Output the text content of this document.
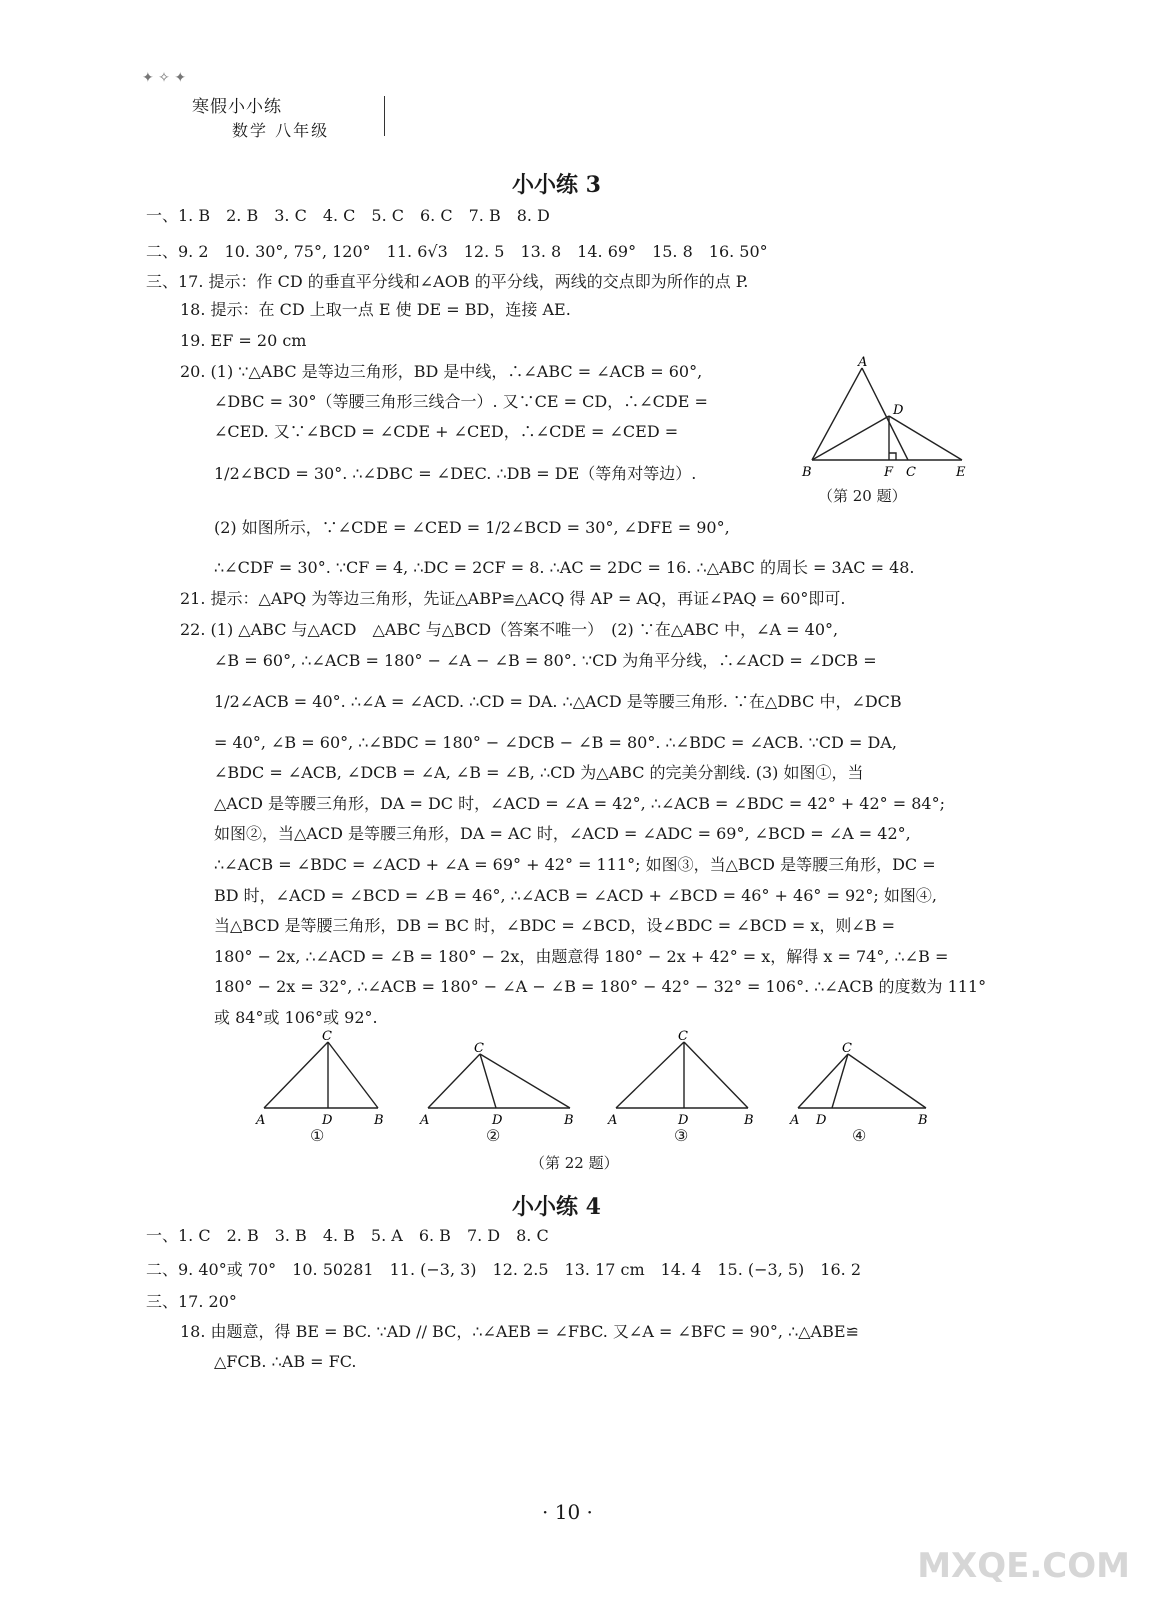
✦ ✧ ✦
寒假小小练
数学 八年级
小小练 3
一、1. B　2. B　3. C　4. C　5. C　6. C　7. B　8. D
二、9. 2　10. 30°, 75°, 120°　11. 6√3　12. 5　13. 8　14. 69°　15. 8　16. 50°
三、17. 提示：作 CD 的垂直平分线和∠AOB 的平分线，两线的交点即为所作的点 P.
18. 提示：在 CD 上取一点 E 使 DE = BD，连接 AE.
19. EF = 20 cm
20. (1) ∵△ABC 是等边三角形，BD 是中线，∴∠ABC = ∠ACB = 60°,
∠DBC = 30°（等腰三角形三线合一）. 又∵CE = CD，∴∠CDE =
∠CED. 又∵∠BCD = ∠CDE + ∠CED，∴∠CDE = ∠CED =
1/2∠BCD = 30°. ∴∠DBC = ∠DEC. ∴DB = DE（等角对等边）.
(2) 如图所示，∵∠CDE = ∠CED = 1/2∠BCD = 30°, ∠DFE = 90°,
∴∠CDF = 30°. ∵CF = 4, ∴DC = 2CF = 8. ∴AC = 2DC = 16. ∴△ABC 的周长 = 3AC = 48.
21. 提示：△APQ 为等边三角形，先证△ABP≌△ACQ 得 AP = AQ，再证∠PAQ = 60°即可.
22. (1) △ABC 与△ACD　△ABC 与△BCD（答案不唯一）　(2) ∵在△ABC 中，∠A = 40°,
∠B = 60°, ∴∠ACB = 180° − ∠A − ∠B = 80°. ∵CD 为角平分线，∴∠ACD = ∠DCB =
1/2∠ACB = 40°. ∴∠A = ∠ACD. ∴CD = DA. ∴△ACD 是等腰三角形. ∵在△DBC 中，∠DCB
= 40°, ∠B = 60°, ∴∠BDC = 180° − ∠DCB − ∠B = 80°. ∴∠BDC = ∠ACB. ∵CD = DA,
∠BDC = ∠ACB, ∠DCB = ∠A, ∠B = ∠B, ∴CD 为△ABC 的完美分割线. (3) 如图①，当
△ACD 是等腰三角形，DA = DC 时，∠ACD = ∠A = 42°, ∴∠ACB = ∠BDC = 42° + 42° = 84°;
如图②，当△ACD 是等腰三角形，DA = AC 时，∠ACD = ∠ADC = 69°, ∠BCD = ∠A = 42°,
∴∠ACB = ∠BDC = ∠ACD + ∠A = 69° + 42° = 111°; 如图③，当△BCD 是等腰三角形，DC =
BD 时，∠ACD = ∠BCD = ∠B = 46°, ∴∠ACB = ∠ACD + ∠BCD = 46° + 46° = 92°; 如图④,
当△BCD 是等腰三角形，DB = BC 时，∠BDC = ∠BCD，设∠BDC = ∠BCD = x，则∠B =
180° − 2x, ∴∠ACD = ∠B = 180° − 2x，由题意得 180° − 2x + 42° = x，解得 x = 74°, ∴∠B =
180° − 2x = 32°, ∴∠ACB = 180° − ∠A − ∠B = 180° − 42° − 32° = 106°. ∴∠ACB 的度数为 111°
或 84°或 106°或 92°.
A
D
B	F C	E
（第 20 题）
C
A	D	B
①
C
A	D	B
②
C
A	D	B
③
C
A D	B
④
（第 22 题）
小小练 4
一、1. C　2. B　3. B　4. B　5. A　6. B　7. D　8. C
二、9. 40°或 70°　10. 50281　11. (−3, 3)　12. 2.5　13. 17 cm　14. 4　15. (−3, 5)　16. 2
三、17. 20°
18. 由题意，得 BE = BC. ∵AD // BC，∴∠AEB = ∠FBC. 又∠A = ∠BFC = 90°, ∴△ABE≌
△FCB. ∴AB = FC.
· 10 ·
MXQE.COM
